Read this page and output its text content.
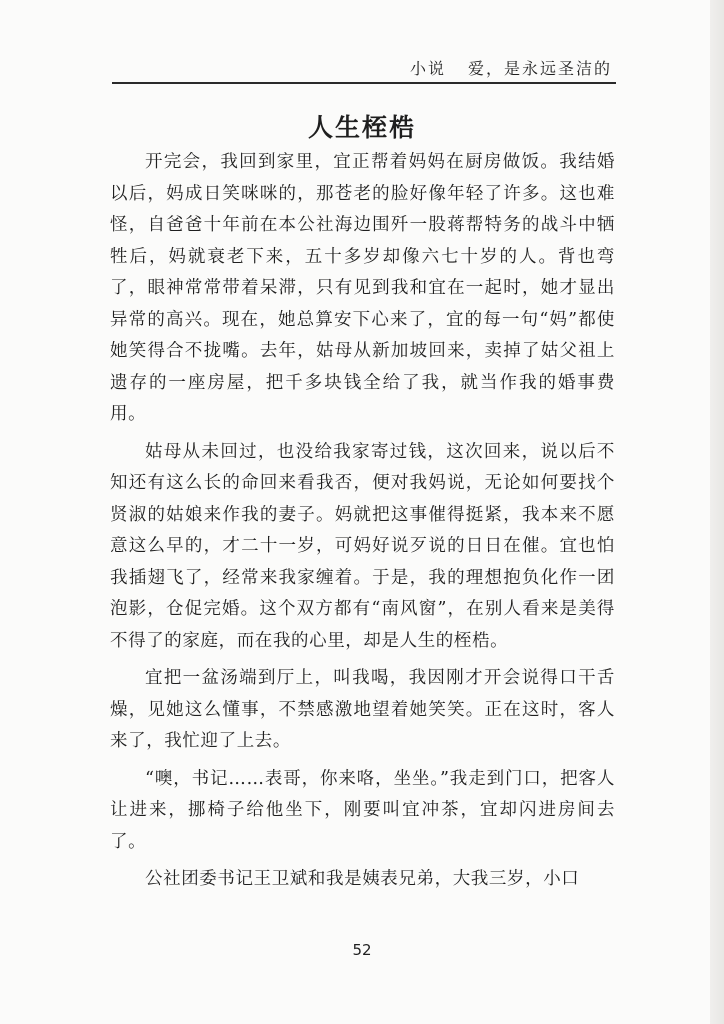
小说 爱，是永远圣洁的
人生桎梏

开完会，我回到家里，宜正帮着妈妈在厨房做饭。我结婚以后，妈成日笑咪咪的，那苍老的脸好像年轻了许多。这也难怪，自爸爸十年前在本公社海边围歼一股蒋帮特务的战斗中牺牲后，妈就衰老下来，五十多岁却像六七十岁的人。背也弯了，眼神常常带着呆滞，只有见到我和宜在一起时，她才显出异常的高兴。现在，她总算安下心来了，宜的每一句“妈”都使她笑得合不拢嘴。去年，姑母从新加坡回来，卖掉了姑父祖上遗存的一座房屋，把千多块钱全给了我，就当作我的婚事费用。

姑母从未回过，也没给我家寄过钱，这次回来，说以后不知还有这么长的命回来看我否，便对我妈说，无论如何要找个贤淑的姑娘来作我的妻子。妈就把这事催得挺紧，我本来不愿意这么早的，才二十一岁，可妈好说歹说的日日在催。宜也怕我插翅飞了，经常来我家缠着。于是，我的理想抱负化作一团泡影，仓促完婚。这个双方都有“南风窗”，在别人看来是美得不得了的家庭，而在我的心里，却是人生的桎梏。

宜把一盆汤端到厅上，叫我喝，我因刚才开会说得口干舌燥，见她这么懂事，不禁感激地望着她笑笑。正在这时，客人来了，我忙迎了上去。

“噢，书记……表哥，你来咯，坐坐。”我走到门口，把客人让进来，挪椅子给他坐下，刚要叫宜冲茶，宜却闪进房间去了。

公社团委书记王卫斌和我是姨表兄弟，大我三岁，小口

52
